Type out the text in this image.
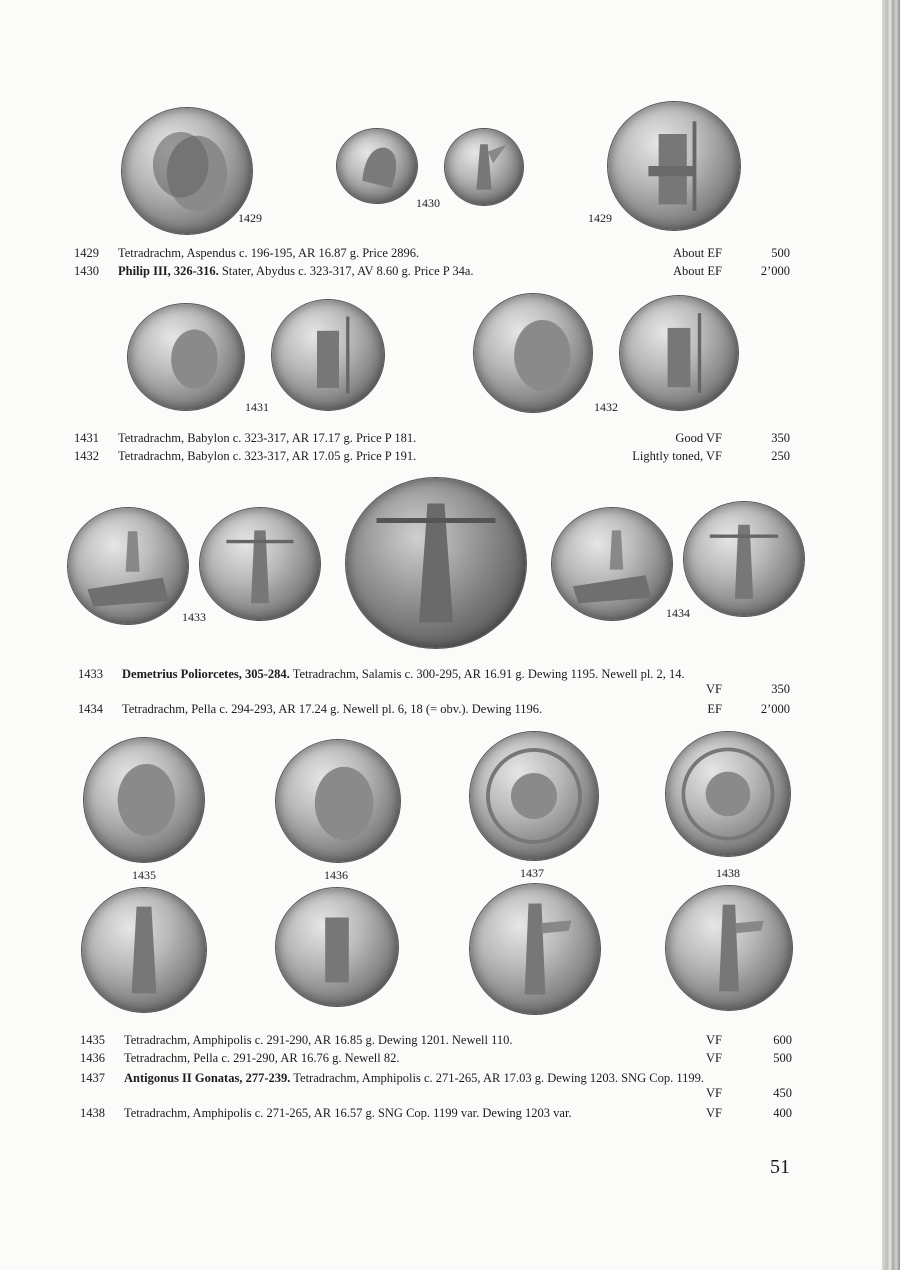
1429
1430
1429
1429 Tetradrachm, Aspendus c. 196-195, AR 16.87 g. Price 2896.	About EF	500
1430 Philip III, 326-316. Stater, Abydus c. 323-317, AV 8.60 g. Price P 34a.	About EF	2’000
1431	1432
1431 Tetradrachm, Babylon c. 323-317, AR 17.17 g. Price P 181.	Good VF	350
1432 Tetradrachm, Babylon c. 323-317, AR 17.05 g. Price P 191.	Lightly toned, VF	250
1433	1434
1433 Demetrius Poliorcetes, 305-284. Tetradrachm, Salamis c. 300-295, AR 16.91 g. Dewing 1195. Newell pl. 2, 14.
VF	350
1434 Tetradrachm, Pella c. 294-293, AR 17.24 g. Newell pl. 6, 18 (= obv.). Dewing 1196.	EF	2’000
1435	1436	1437	1438
1435 Tetradrachm, Amphipolis c. 291-290, AR 16.85 g. Dewing 1201. Newell 110.	VF	600
1436 Tetradrachm, Pella c. 291-290, AR 16.76 g. Newell 82.	VF	500
1437 Antigonus II Gonatas, 277-239. Tetradrachm, Amphipolis c. 271-265, AR 17.03 g. Dewing 1203. SNG Cop. 1199.
VF	450
1438 Tetradrachm, Amphipolis c. 271-265, AR 16.57 g. SNG Cop. 1199 var. Dewing 1203 var.	VF	400
51
